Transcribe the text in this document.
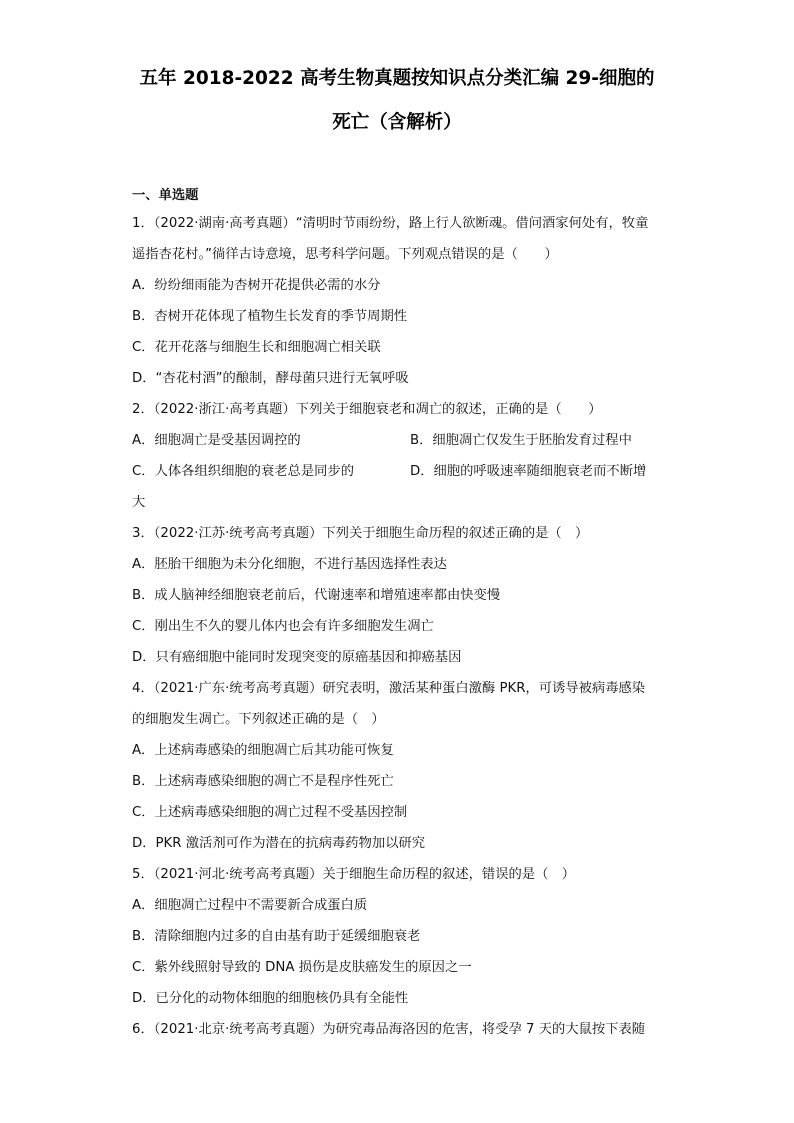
五年 2018-2022 高考生物真题按知识点分类汇编 29-细胞的
死亡（含解析）
一、单选题
1．（2022·湖南·高考真题）“清明时节雨纷纷，路上行人欲断魂。借问酒家何处有，牧童
遥指杏花村。”徜徉古诗意境，思考科学问题。下列观点错误的是（　　）
A．纷纷细雨能为杏树开花提供必需的水分
B．杏树开花体现了植物生长发育的季节周期性
C．花开花落与细胞生长和细胞凋亡相关联
D．“杏花村酒”的酿制，酵母菌只进行无氧呼吸
2．（2022·浙江·高考真题）下列关于细胞衰老和凋亡的叙述，正确的是（　　）
A．细胞凋亡是受基因调控的	B．细胞凋亡仅发生于胚胎发育过程中
C．人体各组织细胞的衰老总是同步的	D．细胞的呼吸速率随细胞衰老而不断增
大
3．（2022·江苏·统考高考真题）下列关于细胞生命历程的叙述正确的是（　）
A．胚胎干细胞为未分化细胞，不进行基因选择性表达
B．成人脑神经细胞衰老前后，代谢速率和增殖速率都由快变慢
C．刚出生不久的婴儿体内也会有许多细胞发生凋亡
D．只有癌细胞中能同时发现突变的原癌基因和抑癌基因
4．（2021·广东·统考高考真题）研究表明，激活某种蛋白激酶 PKR，可诱导被病毒感染
的细胞发生凋亡。下列叙述正确的是（　）
A．上述病毒感染的细胞凋亡后其功能可恢复
B．上述病毒感染细胞的凋亡不是程序性死亡
C．上述病毒感染细胞的凋亡过程不受基因控制
D．PKR 激活剂可作为潜在的抗病毒药物加以研究
5．（2021·河北·统考高考真题）关于细胞生命历程的叙述，错误的是（　）
A．细胞凋亡过程中不需要新合成蛋白质
B．清除细胞内过多的自由基有助于延缓细胞衰老
C．紫外线照射导致的 DNA 损伤是皮肤癌发生的原因之一
D．已分化的动物体细胞的细胞核仍具有全能性
6．（2021·北京·统考高考真题）为研究毒品海洛因的危害，将受孕 7 天的大鼠按下表随
